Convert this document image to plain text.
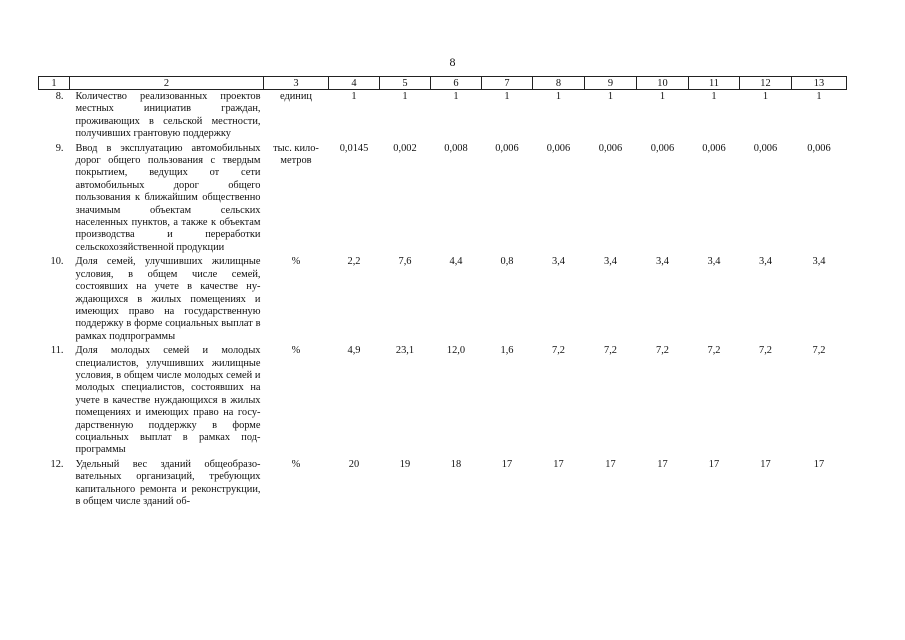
8
1	2	3	4	5	6	7	8	9	10	11	12	13
8.	Количество реализованных проектов местных инициатив граждан, проживающих в сельской местности, получивших грантовую поддержку	единиц	1	1	1	1	1	1	1	1	1	1
9.	Ввод в эксплуатацию автомобильных дорог общего пользования с твердым покрытием, ведущих от сети автомобильных дорог общего пользования к ближайшим общественно значимым объектам сельских населенных пунктов, а также к объектам производства и переработки сельскохозяйственной продукции	тыс. километров	0,0145	0,002	0,008	0,006	0,006	0,006	0,006	0,006	0,006	0,006
10.	Доля семей, улучшивших жилищные условия, в общем числе семей, состоявших на учете в качестве нуждающихся в жилых помещениях и имеющих право на государственную поддержку в форме социальных выплат в рамках подпрограммы	%	2,2	7,6	4,4	0,8	3,4	3,4	3,4	3,4	3,4	3,4
11.	Доля молодых семей и молодых специалистов, улучшивших жилищные условия, в общем числе молодых семей и молодых специалистов, состоявших на учете в качестве нуждающихся в жилых помещениях и имеющих право на государственную поддержку в форме социальных выплат в рамках подпрограммы	%	4,9	23,1	12,0	1,6	7,2	7,2	7,2	7,2	7,2	7,2
12.	Удельный вес зданий общеобразовательных организаций, требующих капитального ремонта и реконструкции, в общем числе зданий об-	%	20	19	18	17	17	17	17	17	17	17
